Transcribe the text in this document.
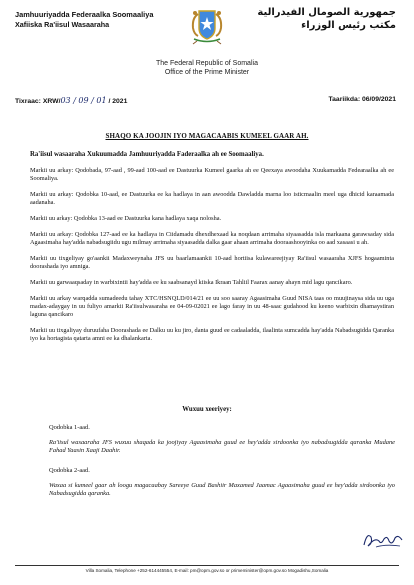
Jamhuuriyadda Federaalka Soomaaliya
Xafiiska Ra'iisul Wasaaraha
جمهورية الصومال الفيدرالية
مكتب رئيس الوزراء
The Federal Republic of Somalia
Office of the Prime Minister
Tixraac: XRW/03 / 09 / 01 / 2021	Taariikda: 06/09/2021
SHAQO KA JOOJIN IYO MAGACAABIS KUMEEL GAAR AH.
Ra'iisul wasaaraha Xukuumadda Jamhuuriyadda Faderaalka ah ee Soomaaliya.

Markii uu arkay: Qodobada, 97-aad , 99-aad 100-aad ee Dastuurka Kumeel gaarka ah ee Qeexaya awoodaha Xuukamadda Fedearaalka ah ee Soomaliya.

Markii uu arkay: Qodobka 10-aad, ee Dastuurka ee ka hadlaya in aan awoodda Dawladda marna loo isticmaalin meel uga dhicid karaamada aadanaha.

Markii uu arkay: Qodobka 13-aad ee Dastuurka kana hadlaya xaqa nolosha.

Markii uu arkay: Qodobka 127-aad ee ka hadlaya in Ciidamadu dhexdhexaad ka noqdaan arrimaha siyaasadda isla markaana garawsaday sida Agaasimaha hay'adda nabadsugiidu ugu milmay arrimaha siyaasadda dalka gaar ahaan arrimaha dooraashooyinka oo aad xasaasi u ah.

Markii uu tixgeliyay go'aankii Madaxweynaha JFS uu baarlamaankii 10-aad hortiisa kulawareejiyay Ra'iisul wasaaraha XJFS hogaaminta doorashada iyo amniga.

Markii uu garwaaqsaday in warbixintii hay'adda ee ku saabsanayd kiiska Ikraan Tahliil Faarax aanay ahayn mid lagu qancikaro.

Markii uu arkay warqadda sumadeedu tahay XTC/HSNQLD/014/21 ee uu soo saaray Agaasimaha Guud NISA taas oo muujinaysa sida uu uga madax-adaygay in uu fuliyo amarkii Ra'iisulwasaraha ee 04-09-02021 ee lago faray in uu 48-saac gudahood ku keeno warbixin dhamaystiran laguna qancikaro

Markii uu tixgaliyay duruufaha Doorashada ee Dalku uu ku jiro, danta guud ee cadaaladda, ilaalinta sumcadda hay'adda Nabadsugidda Qaranka iyo ka hortagista qatarta amni ee ka dhalankarta.

Wuxuu xeeriyey:
Qodobka 1-aad.
Ra'iisul wasaaraha JFS wuxuu shaqada ka joojiyay Agaasimaha guud ee hey'adda sirdoonka iyo nabadsugidda qaranka Mudane Fahad Yaasin Xaaji Daahir.
Qodobka 2-aad.
Waxaa si kumeel gaar ah loogu magacaabay Sareeye Guud Bashiir Maxamed Jaamac Agaasimaha guud ee hey'adda sirdoonka iyo Nabadsugidda qaranka.
Villa Somalia, Telephone +252-614445554, E-mail: pm@opm.gov.so or primeminister@opm.gov.so Mogadishu,Somalia
